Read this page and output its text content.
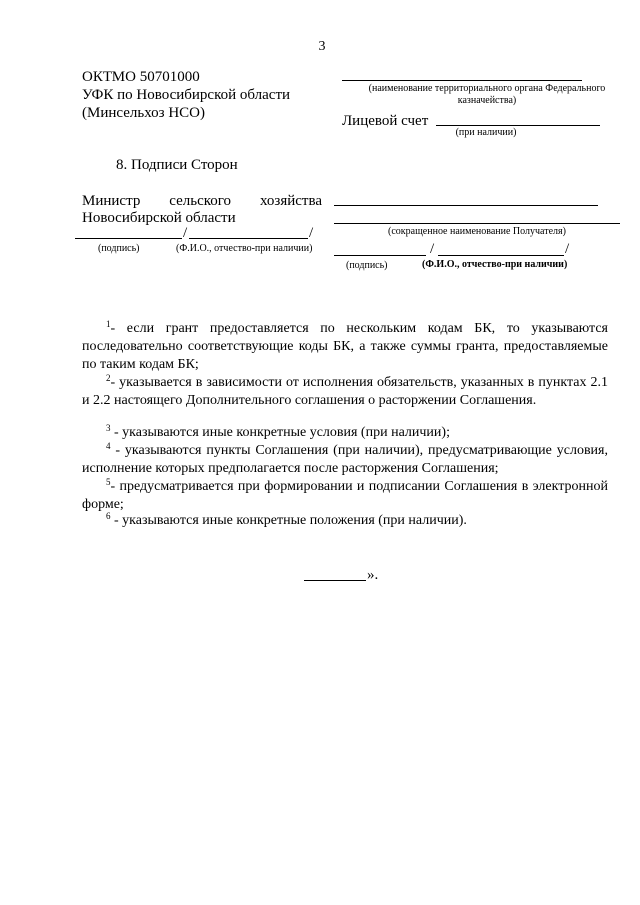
3
ОКТМО 50701000
УФК по Новосибирской области
(Минсельхоз НСО)
(наименование территориального органа Федерального казначейства)
Лицевой счет
(при наличии)
8. Подписи Сторон
Министр сельского хозяйства
Новосибирской области
/	/
(подпись)	(Ф.И.О., отчество-при наличии)
(сокращенное наименование Получателя)
/	/
(подпись)	(Ф.И.О., отчество-при наличии)
$^1$- если грант предоставляется по нескольким кодам БК, то указываются последовательно соответствующие коды БК, а также суммы гранта, предоставляемые по таким кодам БК;
$^2$- указывается в зависимости от исполнения обязательств, указанных в пунктах 2.1 и 2.2 настоящего Дополнительного соглашения о расторжении Соглашения.
$^3$ - указываются иные конкретные условия (при наличии);
$^4$ - указываются пункты Соглашения (при наличии), предусматривающие условия, исполнение которых предполагается после расторжения Соглашения;
$^5$- предусматривается при формировании и подписании Соглашения в электронной форме;
$^6$ - указываются иные конкретные положения (при наличии).
».
